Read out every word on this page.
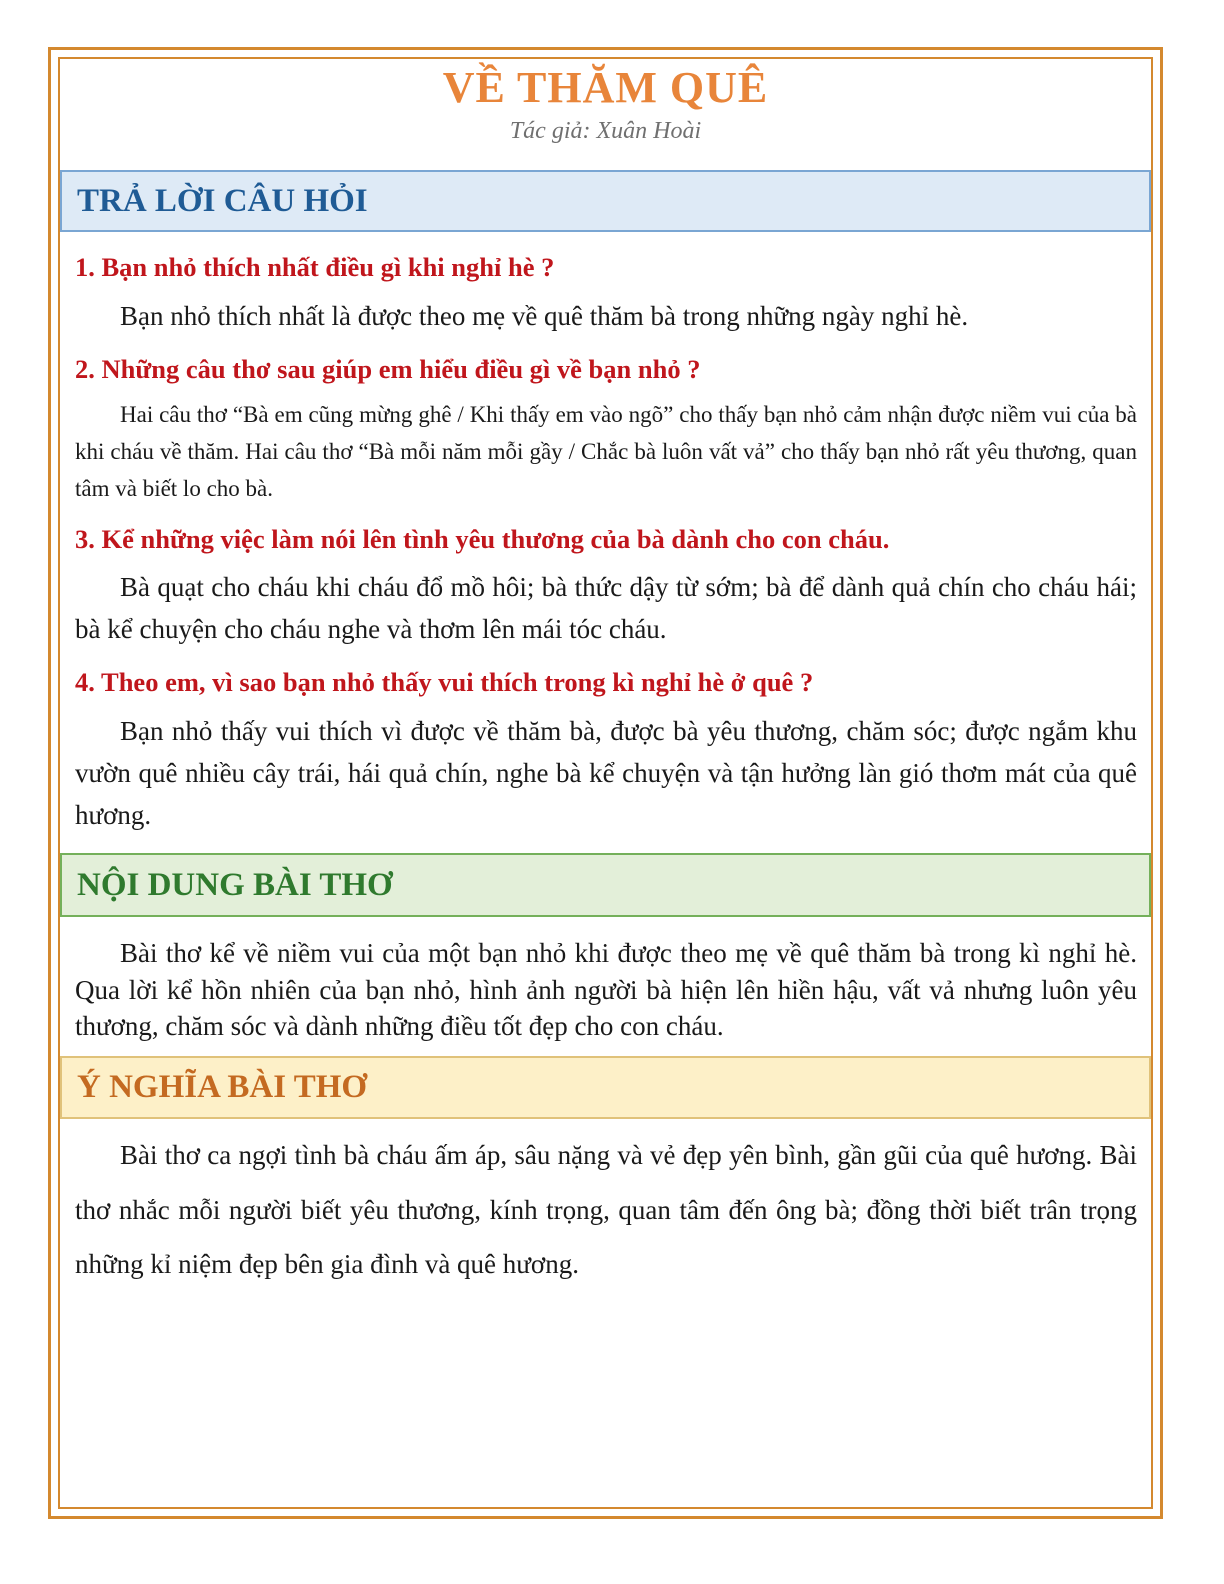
VỀ THĂM QUÊ
Tác giả: Xuân Hoài
TRẢ LỜI CÂU HỎI
1. Bạn nhỏ thích nhất điều gì khi nghỉ hè ?

Bạn nhỏ thích nhất là được theo mẹ về quê thăm bà trong những ngày nghỉ hè.

2. Những câu thơ sau giúp em hiểu điều gì về bạn nhỏ ?

Hai câu thơ “Bà em cũng mừng ghê / Khi thấy em vào ngõ” cho thấy bạn nhỏ cảm nhận được niềm vui của bà khi cháu về thăm. Hai câu thơ “Bà mỗi năm mỗi gầy / Chắc bà luôn vất vả” cho thấy bạn nhỏ rất yêu thương, quan tâm và biết lo cho bà.

3. Kể những việc làm nói lên tình yêu thương của bà dành cho con cháu.

Bà quạt cho cháu khi cháu đổ mồ hôi; bà thức dậy từ sớm; bà để dành quả chín cho cháu hái; bà kể chuyện cho cháu nghe và thơm lên mái tóc cháu.

4. Theo em, vì sao bạn nhỏ thấy vui thích trong kì nghỉ hè ở quê ?

Bạn nhỏ thấy vui thích vì được về thăm bà, được bà yêu thương, chăm sóc; được ngắm khu vườn quê nhiều cây trái, hái quả chín, nghe bà kể chuyện và tận hưởng làn gió thơm mát của quê hương.

NỘI DUNG BÀI THƠ

Bài thơ kể về niềm vui của một bạn nhỏ khi được theo mẹ về quê thăm bà trong kì nghỉ hè. Qua lời kể hồn nhiên của bạn nhỏ, hình ảnh người bà hiện lên hiền hậu, vất vả nhưng luôn yêu thương, chăm sóc và dành những điều tốt đẹp cho con cháu.

Ý NGHĨA BÀI THƠ

Bài thơ ca ngợi tình bà cháu ấm áp, sâu nặng và vẻ đẹp yên bình, gần gũi của quê hương. Bài thơ nhắc mỗi người biết yêu thương, kính trọng, quan tâm đến ông bà; đồng thời biết trân trọng những kỉ niệm đẹp bên gia đình và quê hương.
